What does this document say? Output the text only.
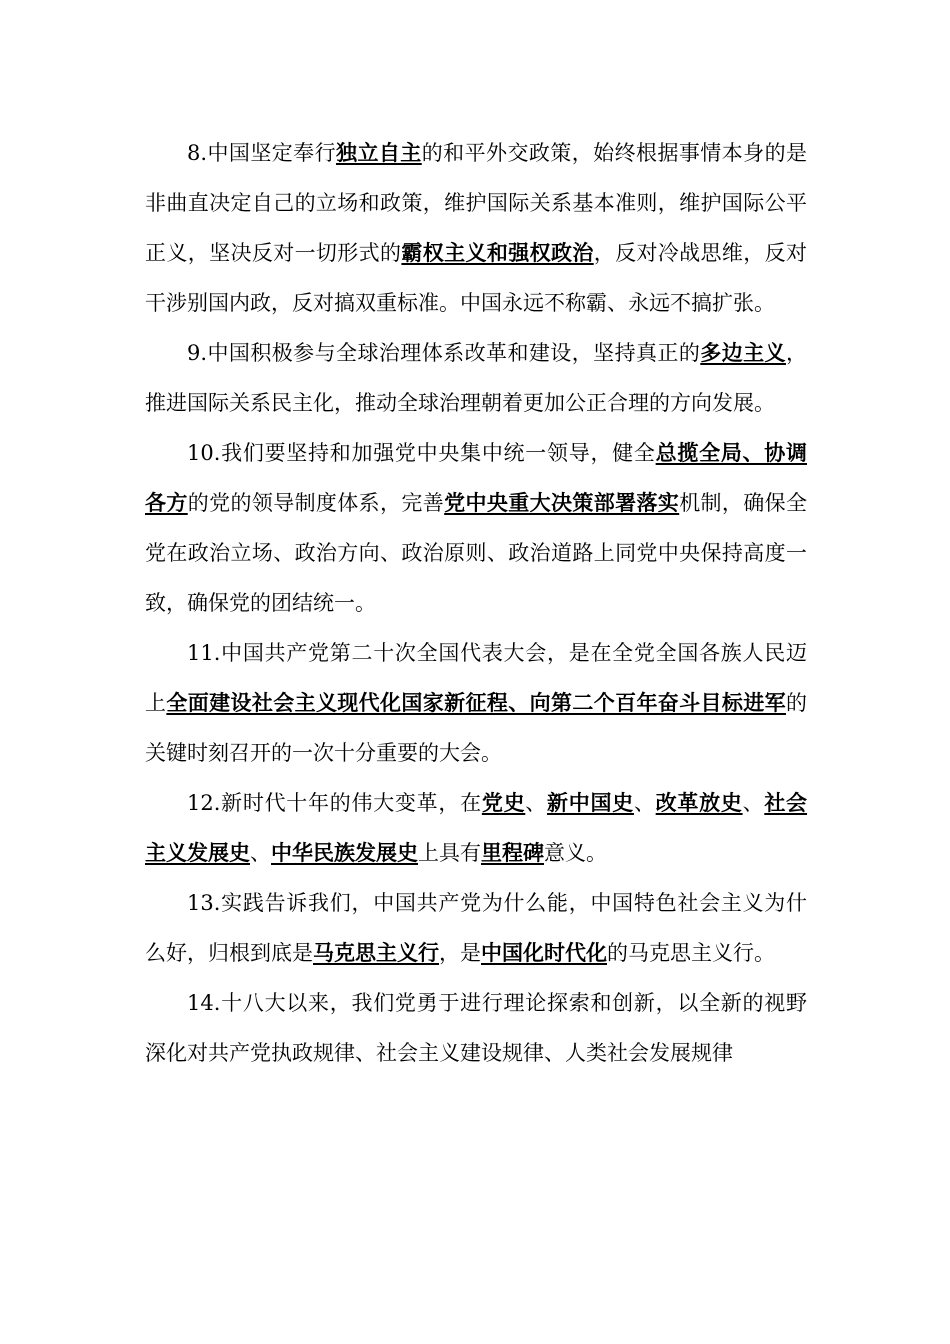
8.中国坚定奉行独立自主的和平外交政策，始终根据事情本身的是非曲直决定自己的立场和政策，维护国际关系基本准则，维护国际公平正义，坚决反对一切形式的霸权主义和强权政治，反对冷战思维，反对干涉别国内政，反对搞双重标准。中国永远不称霸、永远不搞扩张。

9.中国积极参与全球治理体系改革和建设，坚持真正的多边主义，推进国际关系民主化，推动全球治理朝着更加公正合理的方向发展。

10.我们要坚持和加强党中央集中统一领导，健全总揽全局、协调各方的党的领导制度体系，完善党中央重大决策部署落实机制，确保全党在政治立场、政治方向、政治原则、政治道路上同党中央保持高度一致，确保党的团结统一。

11.中国共产党第二十次全国代表大会，是在全党全国各族人民迈上全面建设社会主义现代化国家新征程、向第二个百年奋斗目标进军的关键时刻召开的一次十分重要的大会。

12.新时代十年的伟大变革，在党史、新中国史、改革放史、社会主义发展史、中华民族发展史上具有里程碑意义。

13.实践告诉我们，中国共产党为什么能，中国特色社会主义为什么好，归根到底是马克思主义行，是中国化时代化的马克思主义行。

14.十八大以来，我们党勇于进行理论探索和创新，以全新的视野深化对共产党执政规律、社会主义建设规律、人类社会发展规律
